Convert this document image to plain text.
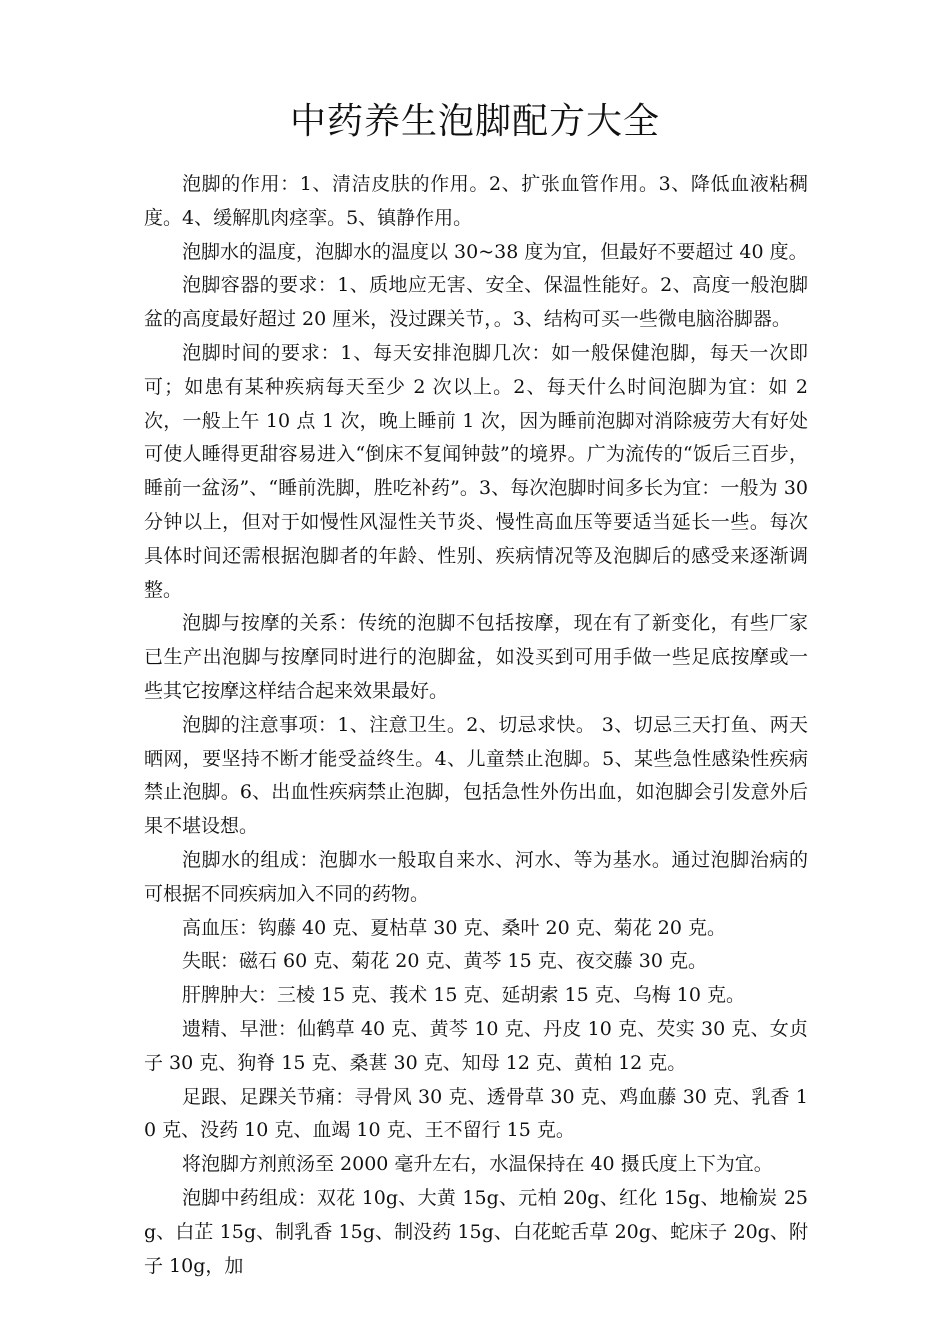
中药养生泡脚配方大全

泡脚的作用：1、清洁皮肤的作用。2、扩张血管作用。3、降低血液粘稠度。4、缓解肌肉痉挛。5、镇静作用。

泡脚水的温度，泡脚水的温度以 30~38 度为宜，但最好不要超过 40 度。

泡脚容器的要求：1、质地应无害、安全、保温性能好。2、高度一般泡脚盆的高度最好超过 20 厘米，没过踝关节，。3、结构可买一些微电脑浴脚器。

泡脚时间的要求：1、每天安排泡脚几次：如一般保健泡脚，每天一次即可；如患有某种疾病每天至少 2 次以上。2、每天什么时间泡脚为宜：如 2 次，一般上午 10 点 1 次，晚上睡前 1 次，因为睡前泡脚对消除疲劳大有好处可使人睡得更甜容易进入“倒床不复闻钟鼓”的境界。广为流传的“饭后三百步，睡前一盆汤”、“睡前洗脚，胜吃补药”。3、每次泡脚时间多长为宜：一般为 30 分钟以上，但对于如慢性风湿性关节炎、慢性高血压等要适当延长一些。每次具体时间还需根据泡脚者的年龄、性别、疾病情况等及泡脚后的感受来逐渐调整。

泡脚与按摩的关系：传统的泡脚不包括按摩，现在有了新变化，有些厂家已生产出泡脚与按摩同时进行的泡脚盆，如没买到可用手做一些足底按摩或一些其它按摩这样结合起来效果最好。

泡脚的注意事项：1、注意卫生。2、切忌求快。 3、切忌三天打鱼、两天晒网，要坚持不断才能受益终生。4、儿童禁止泡脚。5、某些急性感染性疾病禁止泡脚。6、出血性疾病禁止泡脚，包括急性外伤出血，如泡脚会引发意外后果不堪设想。

泡脚水的组成：泡脚水一般取自来水、河水、等为基水。通过泡脚治病的可根据不同疾病加入不同的药物。

高血压：钩藤 40 克、夏枯草 30 克、桑叶 20 克、菊花 20 克。

失眠：磁石 60 克、菊花 20 克、黄芩 15 克、夜交藤 30 克。

肝脾肿大：三棱 15 克、莪术 15 克、延胡索 15 克、乌梅 10 克。

遗精、早泄：仙鹤草 40 克、黄芩 10 克、丹皮 10 克、芡实 30 克、女贞子 30 克、狗脊 15 克、桑葚 30 克、知母 12 克、黄柏 12 克。

足跟、足踝关节痛：寻骨风 30 克、透骨草 30 克、鸡血藤 30 克、乳香 10 克、没药 10 克、血竭 10 克、王不留行 15 克。

将泡脚方剂煎汤至 2000 毫升左右，水温保持在 40 摄氏度上下为宜。

泡脚中药组成：双花 10g、大黄 15g、元柏 20g、红化 15g、地榆炭 25g、白芷 15g、制乳香 15g、制没药 15g、白花蛇舌草 20g、蛇床子 20g、附子 10g，加
